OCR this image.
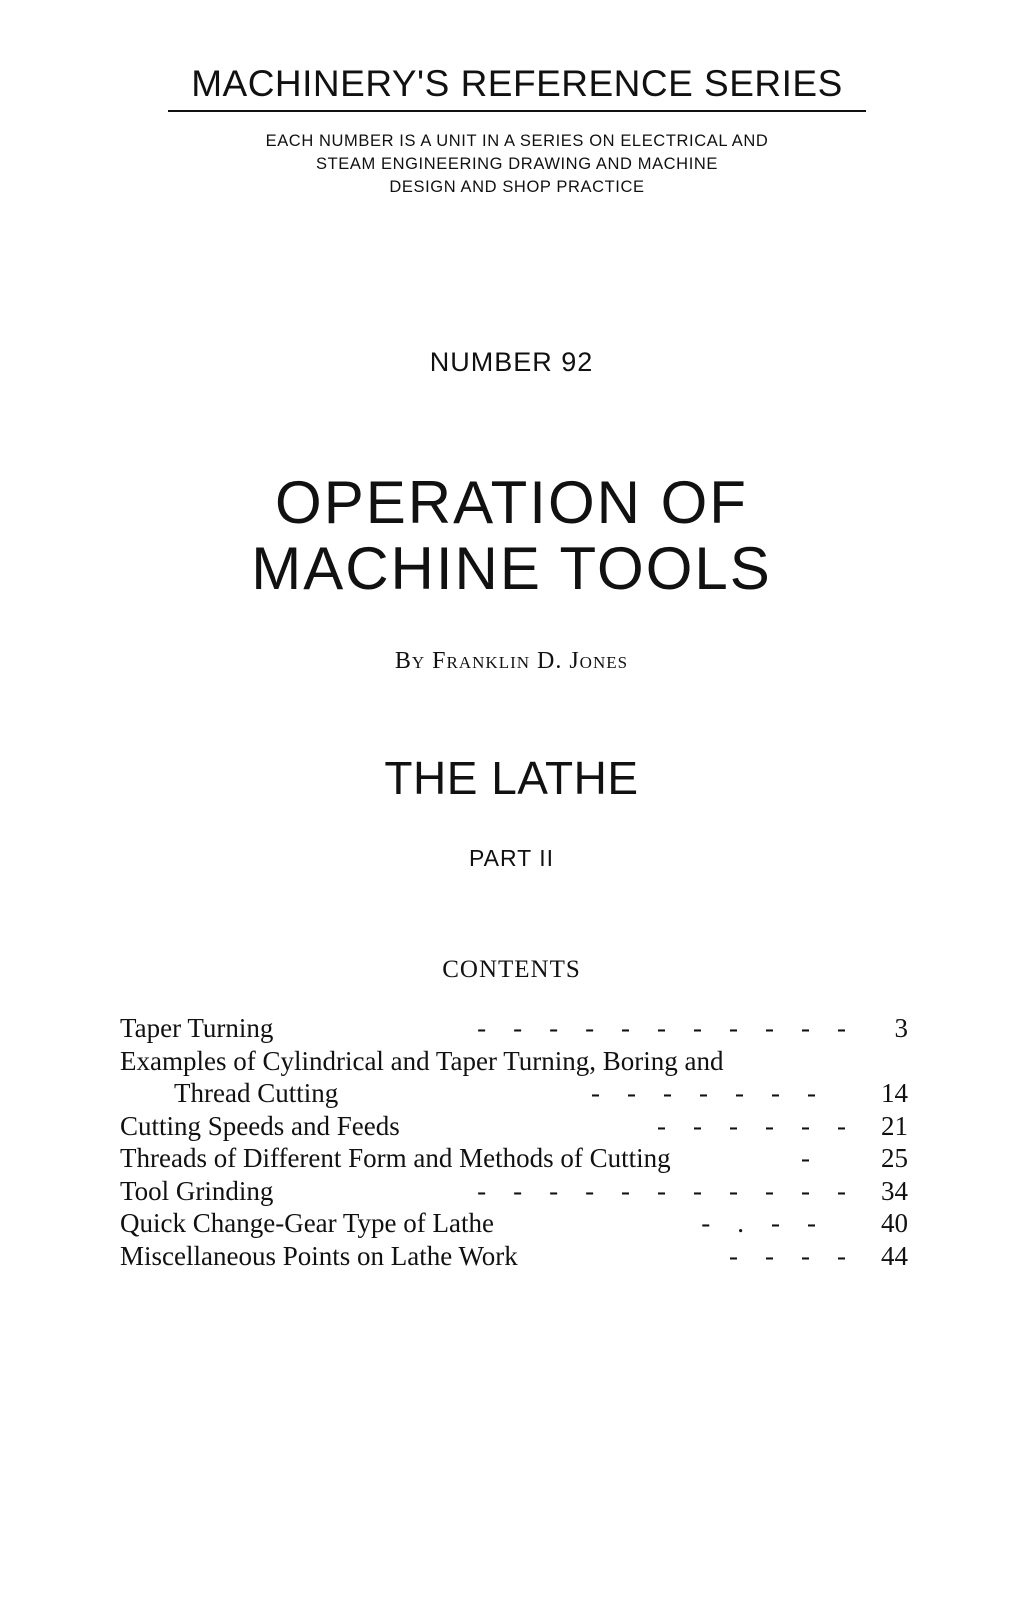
MACHINERY'S REFERENCE SERIES
EACH NUMBER IS A UNIT IN A SERIES ON ELECTRICAL AND
STEAM ENGINEERING DRAWING AND MACHINE
DESIGN AND SHOP PRACTICE
NUMBER 92
OPERATION OF
MACHINE TOOLS
By Franklin D. Jones
THE LATHE
PART II
CONTENTS
Taper Turning	-    -    -    -    -    -    -    -    -    -    - 3
Examples of Cylindrical and Taper Turning, Boring and
Thread Cutting	-    -    -    -    -    -    - 14
Cutting Speeds and Feeds	-    -    -    -    -    - 21
Threads of Different Form and Methods of Cutting	-	25
Tool Grinding	-    -    -    -    -    -    -    -    -    -    - 34
Quick Change-Gear Type of Lathe	-    .    -    - 40
Miscellaneous Points on Lathe Work	-    -    -    - 44
